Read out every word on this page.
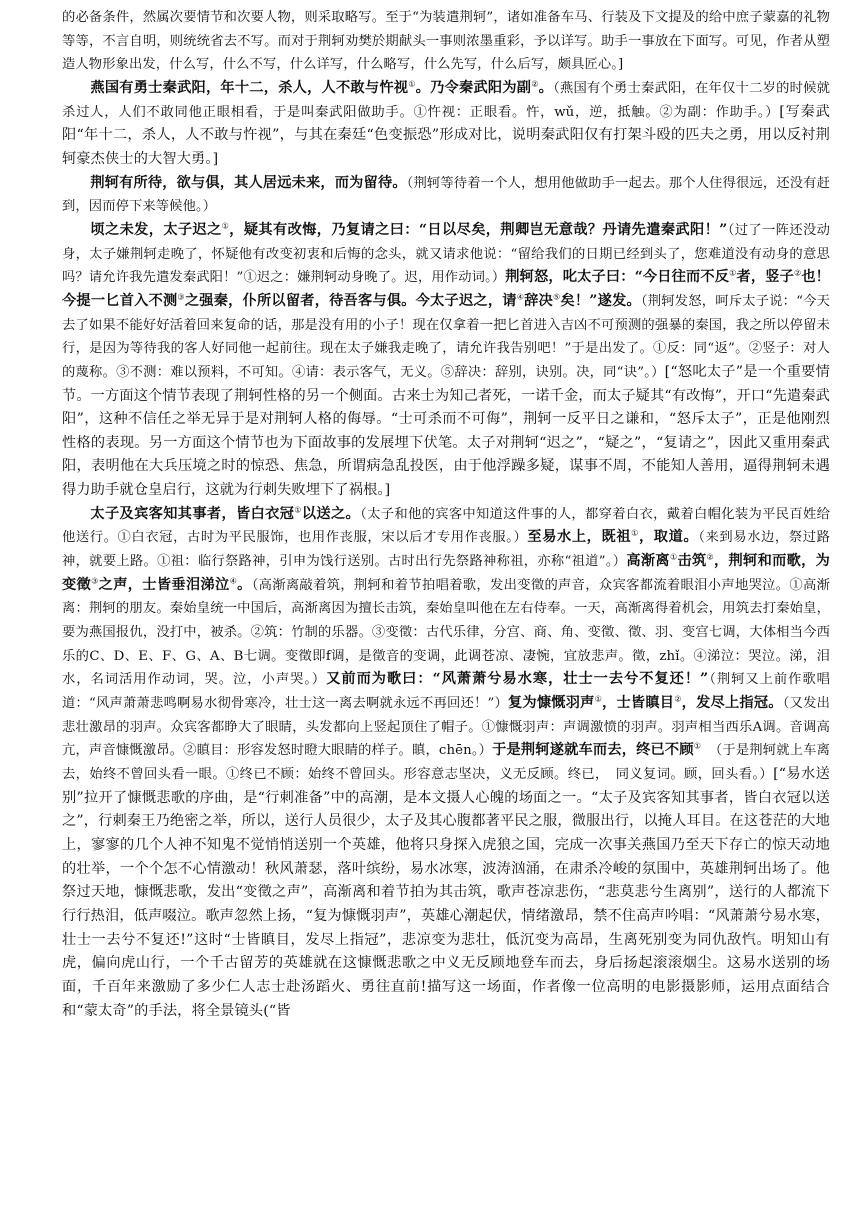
的必备条件，然属次要情节和次要人物，则采取略写。至于“为装遣荆轲”，诸如准备车马、行装及下文提及的给中庶子蒙嘉的礼物等等，不言自明，则统统省去不写。而对于荆轲劝樊於期献头一事则浓墨重彩，予以详写。助手一事放在下面写。可见，作者从塑造人物形象出发，什么写，什么不写，什么详写，什么略写，什么先写，什么后写，颇具匠心。]

燕国有勇士秦武阳，年十二，杀人，人不敢与忤视①。乃令秦武阳为副②。（燕国有个勇士秦武阳，在年仅十二岁的时候就杀过人，人们不敢同他正眼相看，于是叫秦武阳做助手。①忤视：正眼看。忤，wǔ，逆，抵触。②为副：作助手。）[写秦武阳“年十二，杀人，人不敢与忤视”，与其在秦廷“色变振恐”形成对比，说明秦武阳仅有打架斗殴的匹夫之勇，用以反衬荆轲豪杰侠士的大智大勇。]

荆轲有所待，欲与俱，其人居远未来，而为留待。（荆轲等待着一个人，想用他做助手一起去。那个人住得很远，还没有赶到，因而停下来等候他。）

顷之未发，太子迟之①，疑其有改悔，乃复请之曰：“日以尽矣，荆卿岂无意哉？丹请先遣秦武阳！”（过了一阵还没动身，太子嫌荆轲走晚了，怀疑他有改变初衷和后悔的念头，就又请求他说：“留给我们的日期已经到头了，您难道没有动身的意思吗？请允许我先遣发秦武阳！”①迟之：嫌荆轲动身晚了。迟，用作动词。）荆轲怒，叱太子曰：“今日往而不反①者，竖子②也！今提一匕首入不测③之强秦，仆所以留者，待吾客与俱。今太子迟之，请④辞决⑤矣！”遂发。（荆轲发怒，呵斥太子说：“今天去了如果不能好好活着回来复命的话，那是没有用的小子！现在仅拿着一把匕首进入吉凶不可预测的强暴的秦国，我之所以停留未行，是因为等待我的客人好同他一起前往。现在太子嫌我走晚了，请允许我告别吧！”于是出发了。①反：同“返”。②竖子：对人的蔑称。③不测：难以预料，不可知。④请：表示客气，无义。⑤辞决：辞别，诀别。决，同“诀”。）[“怒叱太子”是一个重要情节。一方面这个情节表现了荆轲性格的另一个侧面。古来士为知己者死，一诺千金，而太子疑其“有改悔”，开口“先遣秦武阳”，这种不信任之举无异于是对荆轲人格的侮辱。“士可杀而不可侮”，荆轲一反平日之谦和，“怒斥太子”，正是他刚烈性格的表现。另一方面这个情节也为下面故事的发展埋下伏笔。太子对荆轲“迟之”，“疑之”，“复请之”，因此又重用秦武阳，表明他在大兵压境之时的惊恐、焦急，所谓病急乱投医，由于他浮躁多疑，谋事不周，不能知人善用，逼得荆轲未遇得力助手就仓皇启行，这就为行刺失败埋下了祸根。]

太子及宾客知其事者，皆白衣冠①以送之。（太子和他的宾客中知道这件事的人，都穿着白衣，戴着白帽化装为平民百姓给他送行。①白衣冠，古时为平民服饰，也用作丧服，宋以后才专用作丧服。）至易水上，既祖①，取道。（来到易水边，祭过路神，就要上路。①祖：临行祭路神，引申为饯行送别。古时出行先祭路神称祖，亦称“祖道”。）高渐离①击筑②，荆轲和而歌，为变徵③之声，士皆垂泪涕泣④。（高渐离敲着筑，荆轲和着节拍唱着歌，发出变徵的声音，众宾客都流着眼泪小声地哭泣。①高渐离：荆轲的朋友。秦始皇统一中国后，高渐离因为擅长击筑，秦始皇叫他在左右侍奉。一天，高渐离得着机会，用筑去打秦始皇，要为燕国报仇，没打中，被杀。②筑：竹制的乐器。③变徵：古代乐律，分宫、商、角、变徵、徵、羽、变宫七调，大体相当今西乐的C、D、E、F、G、A、B七调。变徵即f调，是徵音的变调，此调苍凉、凄惋，宜放悲声。徵，zhǐ。④涕泣：哭泣。涕，泪水，名词活用作动词，哭。泣，小声哭。）又前而为歌曰：“风萧萧兮易水寒，壮士一去兮不复还！”（荆轲又上前作歌唱道：“风声萧萧悲鸣啊易水彻骨寒冷，壮士这一离去啊就永远不再回还！”）复为慷慨羽声①，士皆瞋目②，发尽上指冠。（又发出悲壮激昂的羽声。众宾客都睁大了眼睛，头发都向上竖起顶住了帽子。①慷慨羽声：声调激愤的羽声。羽声相当西乐A调。音调高亢，声音慷慨激昂。②瞋目：形容发怒时瞪大眼睛的样子。瞋，chēn。）于是荆轲遂就车而去，终已不顾①　 （于是荆轲就上车离去，始终不曾回头看一眼。①终已不顾：始终不曾回头。形容意志坚决，义无反顾。终已，　同义复词。顾，回头看。）[“易水送别”拉开了慷慨悲歌的序曲，是“行刺准备”中的高潮，是本文摄人心魄的场面之一。“太子及宾客知其事者，皆白衣冠以送之”，行刺秦王乃绝密之举，所以，送行人员很少，太子及其心腹都著平民之服，微服出行，以掩人耳目。在这苍茫的大地上，寥寥的几个人神不知鬼不觉悄悄送别一个英雄，他将只身探入虎狼之国，完成一次事关燕国乃至天下存亡的惊天动地的壮举，一个个怎不心情激动！秋风萧瑟，落叶缤纷，易水冰寒，波涛汹涌，在肃杀冷峻的氛围中，英雄荆轲出场了。他祭过天地，慷慨悲歌，发出“变徵之声”，高渐离和着节拍为其击筑，歌声苍凉悲伤，“悲莫悲兮生离别”，送行的人都流下行行热泪，低声啜泣。歌声忽然上扬，“复为慷慨羽声”，英雄心潮起伏，情绪激昂，禁不住高声吟唱：“风萧萧兮易水寒，壮士一去兮不复还!”这时“士皆瞋目，发尽上指冠”，悲凉变为悲壮，低沉变为高昂，生离死别变为同仇敌忾。明知山有虎，偏向虎山行，一个千古留芳的英雄就在这慷慨悲歌之中义无反顾地登车而去，身后扬起滚滚烟尘。这易水送别的场面，千百年来激励了多少仁人志士赴汤蹈火、勇往直前!描写这一场面，作者像一位高明的电影摄影师，运用点面结合和“蒙太奇”的手法，将全景镜头(“皆
